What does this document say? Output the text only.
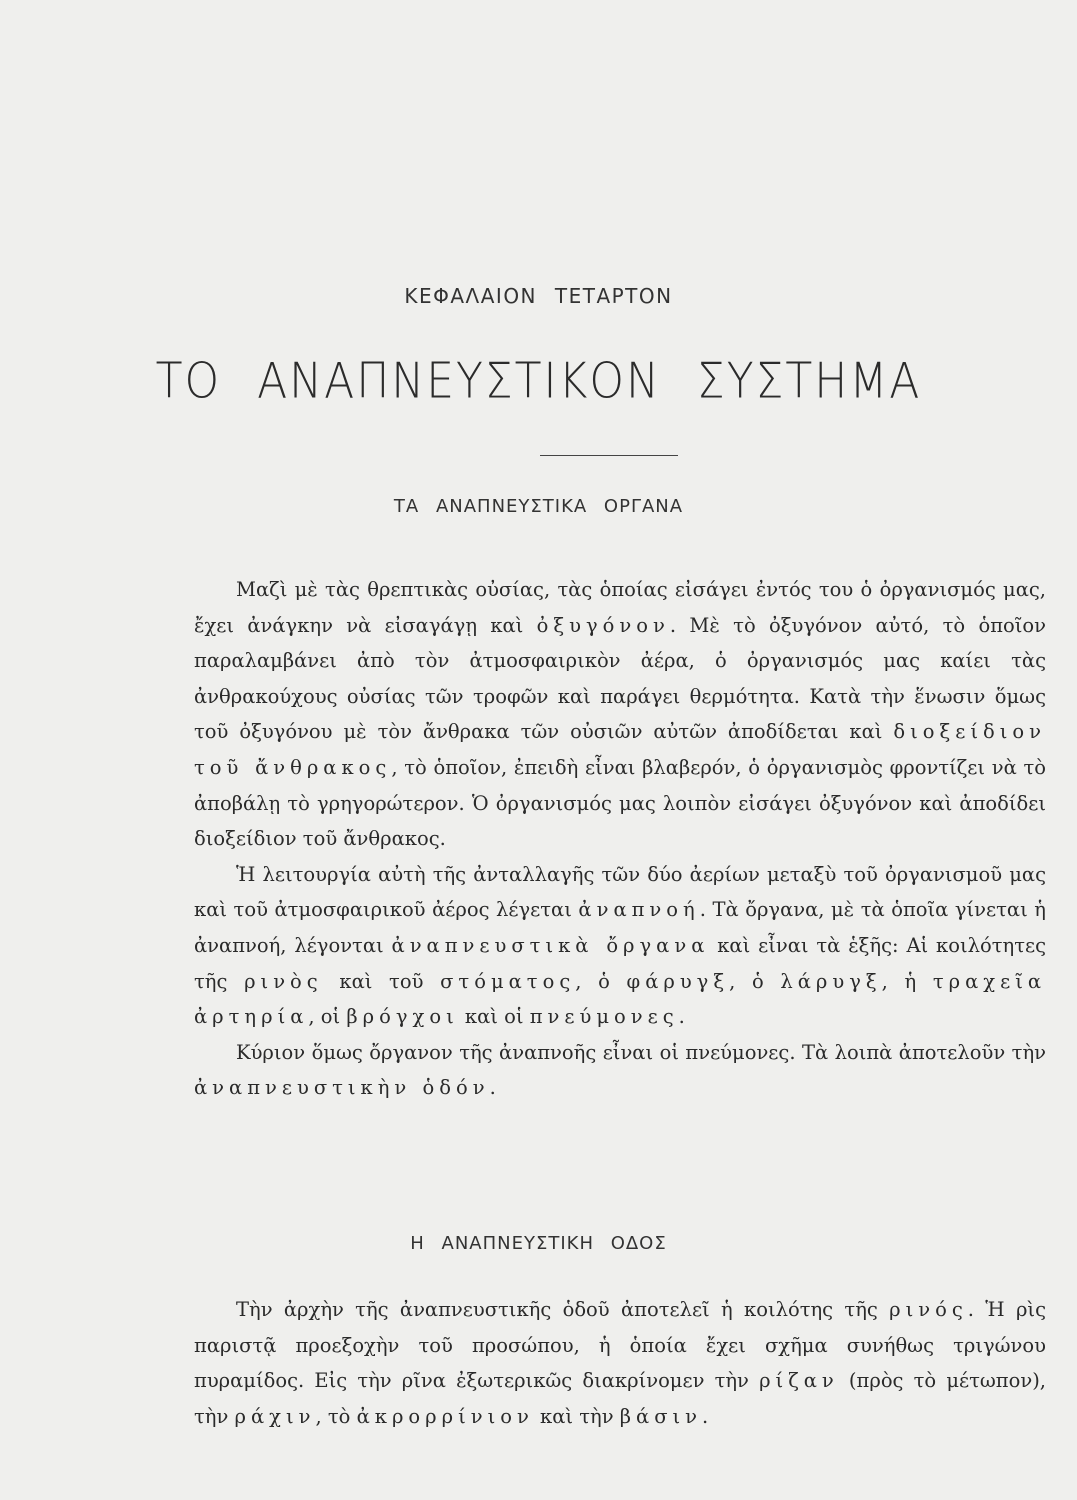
ΚΕΦΑΛΑΙΟΝ ΤΕΤΑΡΤΟΝ
ΤΟ ΑΝΑΠΝΕΥΣΤΙΚΟΝ ΣΥΣΤΗΜΑ
ΤΑ ΑΝΑΠΝΕΥΣΤΙΚΑ ΟΡΓΑΝΑ

Μαζὶ μὲ τὰς θρεπτικὰς οὐσίας, τὰς ὁποίας εἰσάγει ἐντός του ὁ ὀργανισμός μας, ἔχει ἀνάγκην νὰ εἰσαγάγῃ καὶ ὀξυγόνον. Μὲ τὸ ὀξυγόνον αὐτό, τὸ ὁποῖον παραλαμβάνει ἀπὸ τὸν ἀτμοσφαιρικὸν ἀέρα, ὁ ὀργανισμός μας καίει τὰς ἀνθρακούχους οὐσίας τῶν τροφῶν καὶ παράγει θερμότητα. Κατὰ τὴν ἕνωσιν ὅμως τοῦ ὀξυγόνου μὲ τὸν ἄνθρακα τῶν οὐσιῶν αὐτῶν ἀποδίδεται καὶ διοξείδιον τοῦ ἄνθρακος, τὸ ὁποῖον, ἐπειδὴ εἶναι βλαβερόν, ὁ ὀργανισμὸς φροντίζει νὰ τὸ ἀποβάλῃ τὸ γρηγορώτερον. Ὁ ὀργανισμός μας λοιπὸν εἰσάγει ὀξυγόνον καὶ ἀποδίδει διοξείδιον τοῦ ἄνθρακος.

Ἡ λειτουργία αὐτὴ τῆς ἀνταλλαγῆς τῶν δύο ἀερίων μεταξὺ τοῦ ὀργανισμοῦ μας καὶ τοῦ ἀτμοσφαιρικοῦ ἀέρος λέγεται ἀναπνοή. Τὰ ὄργανα, μὲ τὰ ὁποῖα γίνεται ἡ ἀναπνοή, λέγονται ἀναπνευστικὰ ὄργανα καὶ εἶναι τὰ ἑξῆς: Αἱ κοιλότητες τῆς ρινὸς καὶ τοῦ στόματος, ὁ φάρυγξ, ὁ λάρυγξ, ἡ τραχεῖα ἀρτηρία, οἱ βρόγχοι καὶ οἱ πνεύμονες.

Κύριον ὅμως ὄργανον τῆς ἀναπνοῆς εἶναι οἱ πνεύμονες. Τὰ λοιπὰ ἀποτελοῦν τὴν ἀναπνευστικὴν ὁδόν.

Η ΑΝΑΠΝΕΥΣΤΙΚΗ ΟΔΟΣ

Τὴν ἀρχὴν τῆς ἀναπνευστικῆς ὁδοῦ ἀποτελεῖ ἡ κοιλότης τῆς ρινός. Ἡ ρὶς παριστᾷ προεξοχὴν τοῦ προσώπου, ἡ ὁποία ἔχει σχῆμα συνήθως τριγώνου πυραμίδος. Εἰς τὴν ρῖνα ἐξωτερικῶς διακρίνομεν τὴν ρίζαν (πρὸς τὸ μέτωπον), τὴν ράχιν, τὸ ἀκρορρίνιον καὶ τὴν βάσιν.
